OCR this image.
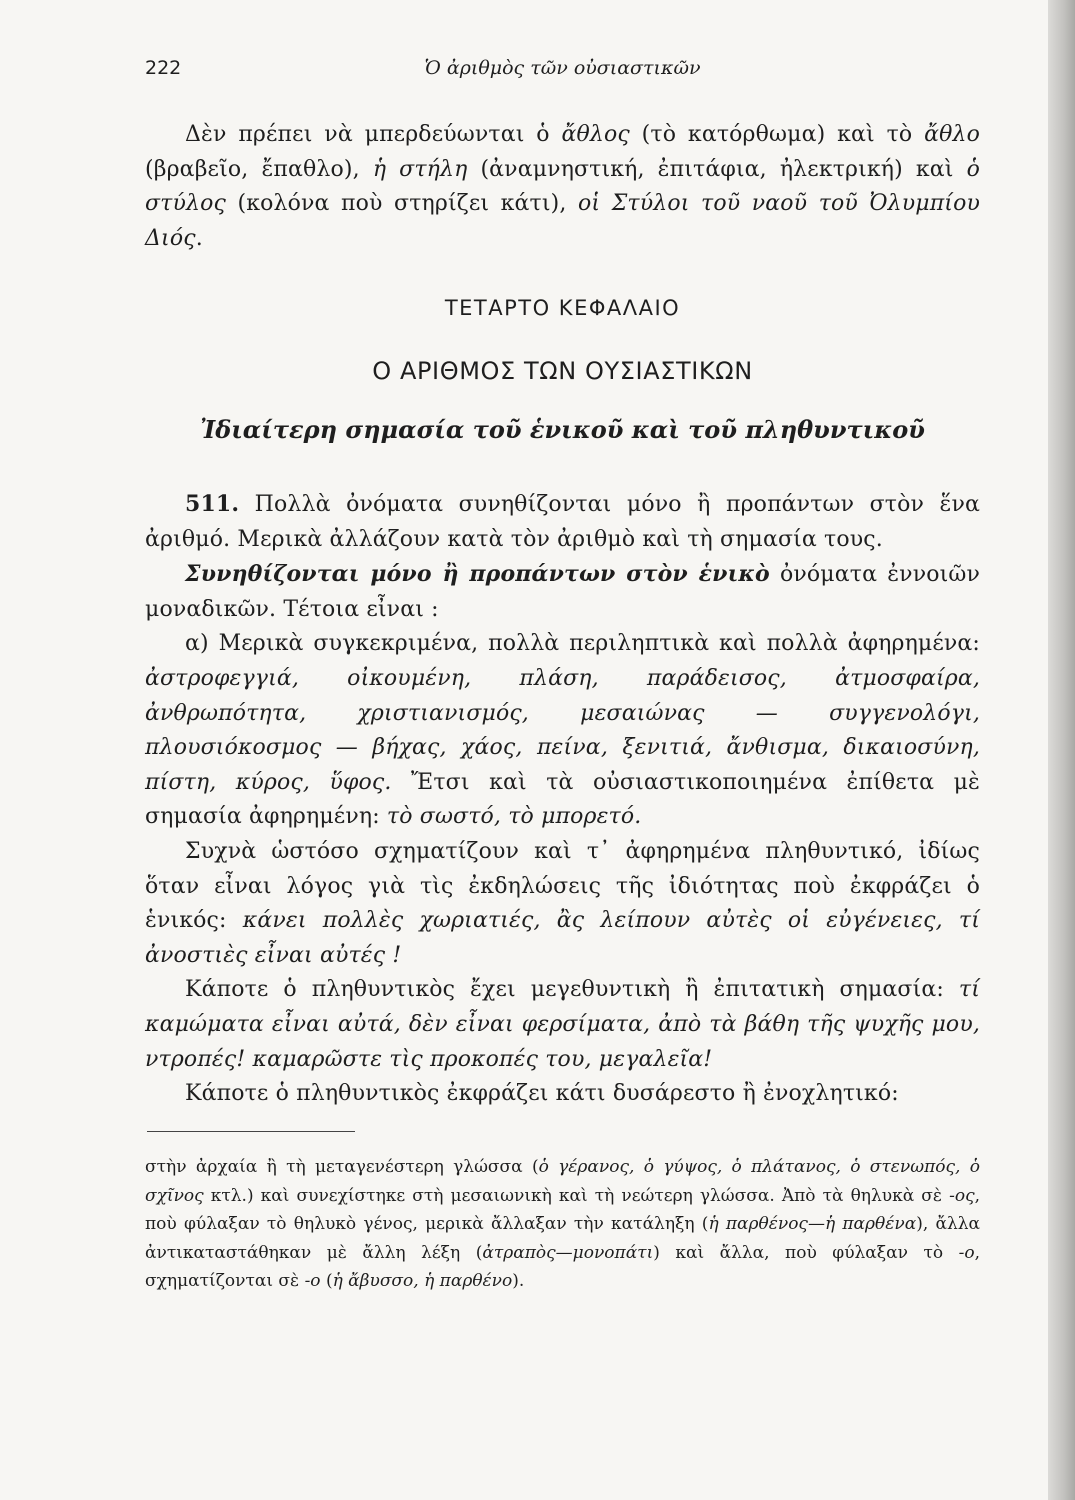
222	Ὁ ἀριθμὸς τῶν οὐσιαστικῶν

Δὲν πρέπει νὰ μπερδεύωνται ὁ ἄθλος (τὸ κατόρθωμα) καὶ τὸ ἄθλο (βραβεῖο, ἔπαθλο), ἡ στήλη (ἀναμνηστική, ἐπιτάφια, ἠλεκτρική) καὶ ὁ στύλος (κολόνα ποὺ στηρίζει κάτι), οἱ Στύλοι τοῦ ναοῦ τοῦ Ὀλυμπίου Διός.

ΤΕΤΑΡΤΟ ΚΕΦΑΛΑΙΟ
Ο ΑΡΙΘΜΟΣ ΤΩΝ ΟΥΣΙΑΣΤΙΚΩΝ
Ἰδιαίτερη σημασία τοῦ ἑνικοῦ καὶ τοῦ πληθυντικοῦ

511. Πολλὰ ὀνόματα συνηθίζονται μόνο ἢ προπάντων στὸν ἕνα ἀριθμό. Μερικὰ ἀλλάζουν κατὰ τὸν ἀριθμὸ καὶ τὴ σημασία τους.

Συνηθίζονται μόνο ἢ προπάντων στὸν ἑνικὸ ὀνόματα ἐννοιῶν μοναδικῶν. Τέτοια εἶναι :

α) Μερικὰ συγκεκριμένα, πολλὰ περιληπτικὰ καὶ πολλὰ ἀφηρημένα: ἀστροφεγγιά, οἰκουμένη, πλάση, παράδεισος, ἀτμοσφαίρα, ἀνθρωπότητα, χριστιανισμός, μεσαιώνας — συγγενολόγι, πλουσιόκοσμος — βήχας, χάος, πείνα, ξενιτιά, ἄνθισμα, δικαιοσύνη, πίστη, κύρος, ὕφος. Ἔτσι καὶ τὰ οὐσιαστικοποιημένα ἐπίθετα μὲ σημασία ἀφηρημένη: τὸ σωστό, τὸ μπορετό.

Συχνὰ ὡστόσο σχηματίζουν καὶ τ᾿ ἀφηρημένα πληθυντικό, ἰδίως ὅταν εἶναι λόγος γιὰ τὶς ἐκδηλώσεις τῆς ἰδιότητας ποὺ ἐκφράζει ὁ ἑνικός: κάνει πολλὲς χωριατιές, ἂς λείπουν αὐτὲς οἱ εὐγένειες, τί ἀνοστιὲς εἶναι αὐτές !

Κάποτε ὁ πληθυντικὸς ἔχει μεγεθυντικὴ ἢ ἐπιτατικὴ σημασία: τί καμώματα εἶναι αὐτά, δὲν εἶναι φερσίματα, ἀπὸ τὰ βάθη τῆς ψυχῆς μου, ντροπές! καμαρῶστε τὶς προκοπές του, μεγαλεῖα!

Κάποτε ὁ πληθυντικὸς ἐκφράζει κάτι δυσάρεστο ἢ ἐνοχλητικό:

στὴν ἀρχαία ἢ τὴ μεταγενέστερη γλώσσα (ὁ γέρανος, ὁ γύψος, ὁ πλάτανος, ὁ στενωπός, ὁ σχῖνος κτλ.) καὶ συνεχίστηκε στὴ μεσαιωνικὴ καὶ τὴ νεώτερη γλώσσα. Ἀπὸ τὰ θηλυκὰ σὲ -ος, ποὺ φύλαξαν τὸ θηλυκὸ γένος, μερικὰ ἄλλαξαν τὴν κατάληξη (ἡ παρθένος—ἡ παρθένα), ἄλλα ἀντικαταστάθηκαν μὲ ἄλλη λέξη (ἀτραπὸς—μονοπάτι) καὶ ἄλλα, ποὺ φύλαξαν τὸ -ο, σχηματίζονται σὲ -ο (ἡ ἄβυσσο, ἡ παρθένο).
